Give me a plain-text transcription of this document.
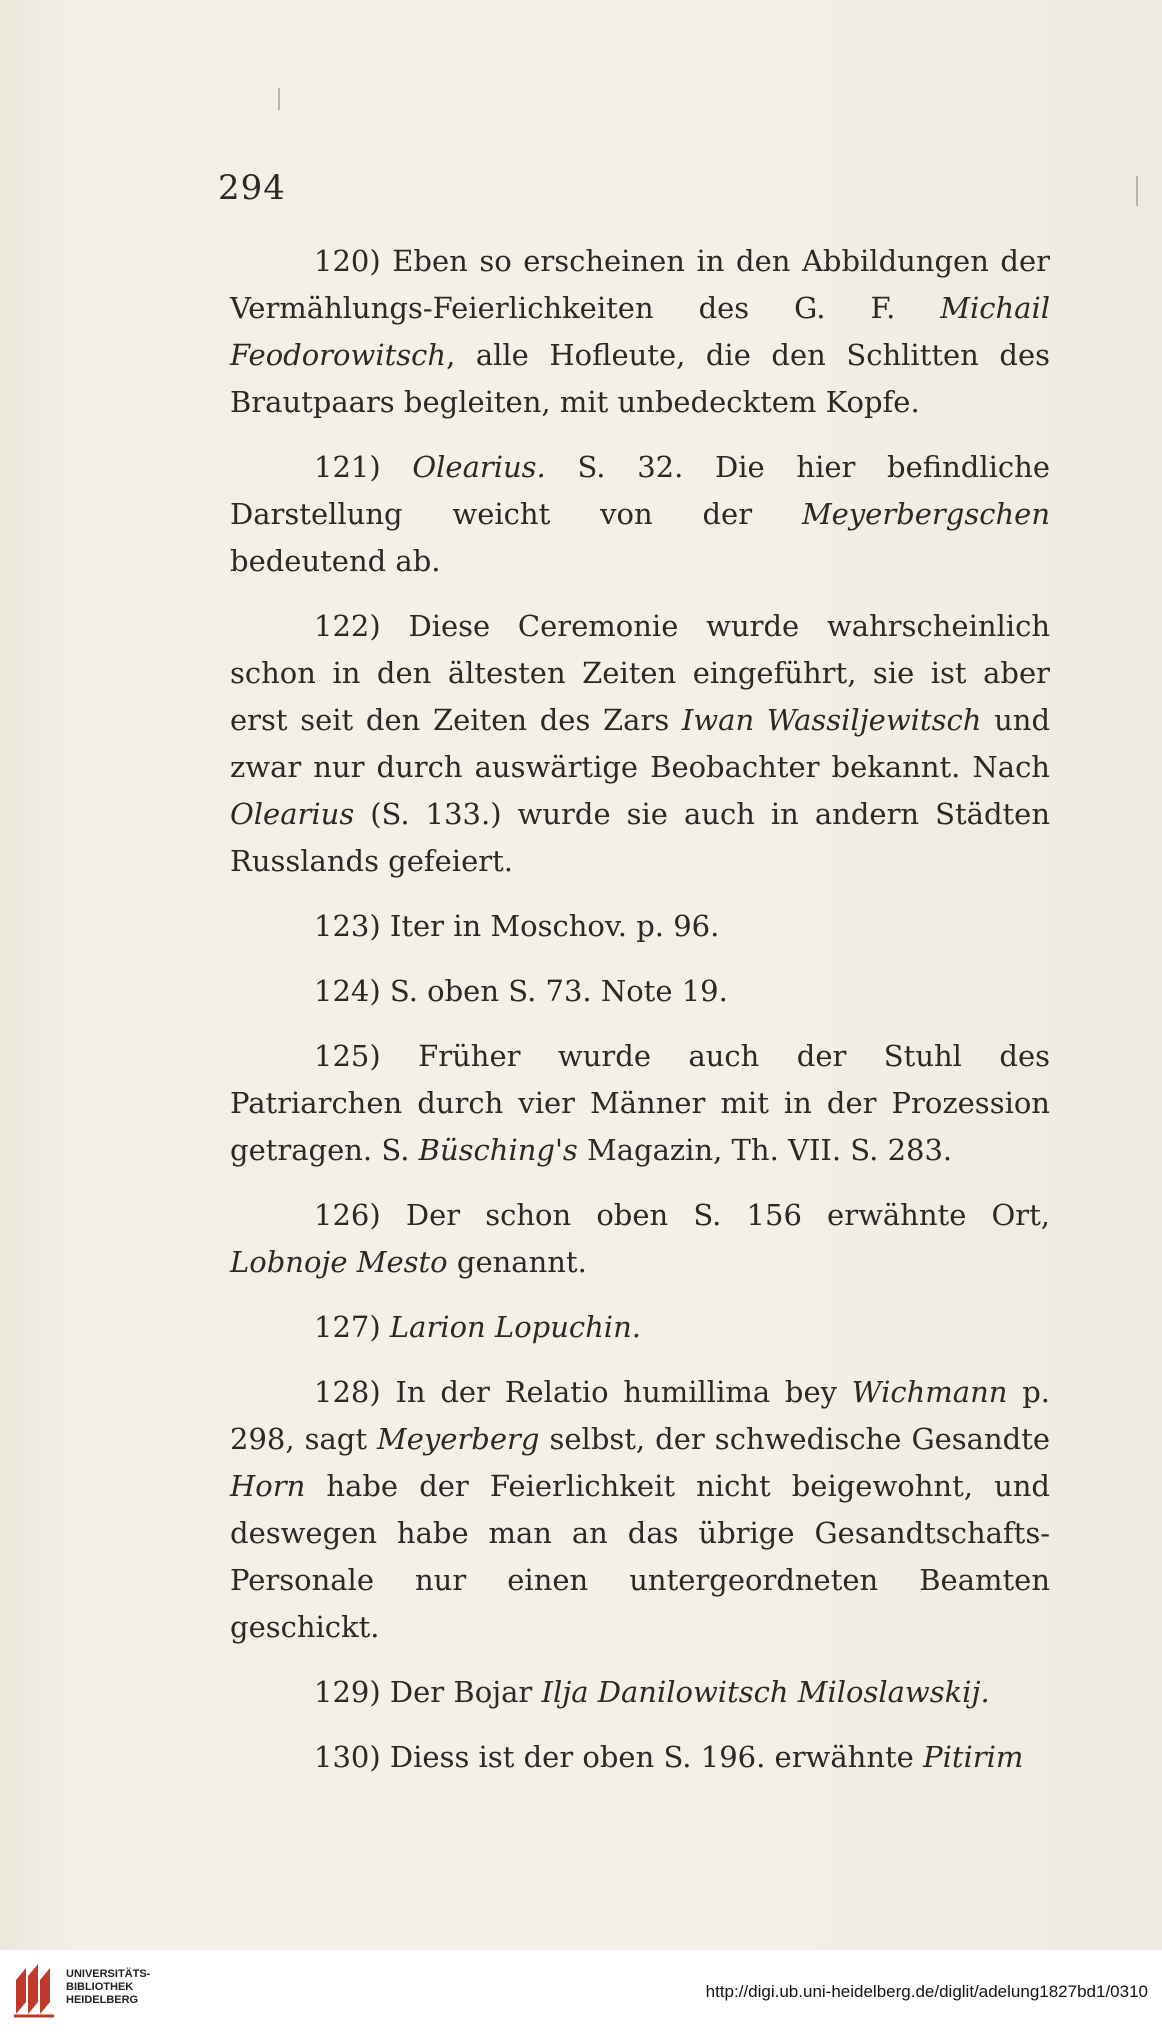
294

120) Eben so erscheinen in den Abbildungen der Vermählungs-Feierlichkeiten des G. F. Michail Feodorowitsch, alle Hofleute, die den Schlitten des Brautpaars begleiten, mit unbedecktem Kopfe.

121) Olearius. S. 32. Die hier befindliche Darstellung weicht von der Meyerbergschen bedeutend ab.

122) Diese Ceremonie wurde wahrscheinlich schon in den ältesten Zeiten eingeführt, sie ist aber erst seit den Zeiten des Zars Iwan Wassiljewitsch und zwar nur durch auswärtige Beobachter bekannt. Nach Olearius (S. 133.) wurde sie auch in andern Städten Russlands gefeiert.

123) Iter in Moschov. p. 96.

124) S. oben S. 73. Note 19.

125) Früher wurde auch der Stuhl des Patriarchen durch vier Männer mit in der Prozession getragen. S. Büsching's Magazin, Th. VII. S. 283.

126) Der schon oben S. 156 erwähnte Ort, Lobnoje Mesto genannt.

127) Larion Lopuchin.

128) In der Relatio humillima bey Wichmann p. 298, sagt Meyerberg selbst, der schwedische Gesandte Horn habe der Feierlichkeit nicht beigewohnt, und deswegen habe man an das übrige Gesandtschafts-Personale nur einen untergeordneten Beamten geschickt.

129) Der Bojar Ilja Danilowitsch Miloslawskij.

130) Diess ist der oben S. 196. erwähnte Pitirim

UNIVERSITÄTS-
BIBLIOTHEK
HEIDELBERG	http://digi.ub.uni-heidelberg.de/diglit/adelung1827bd1/0310
